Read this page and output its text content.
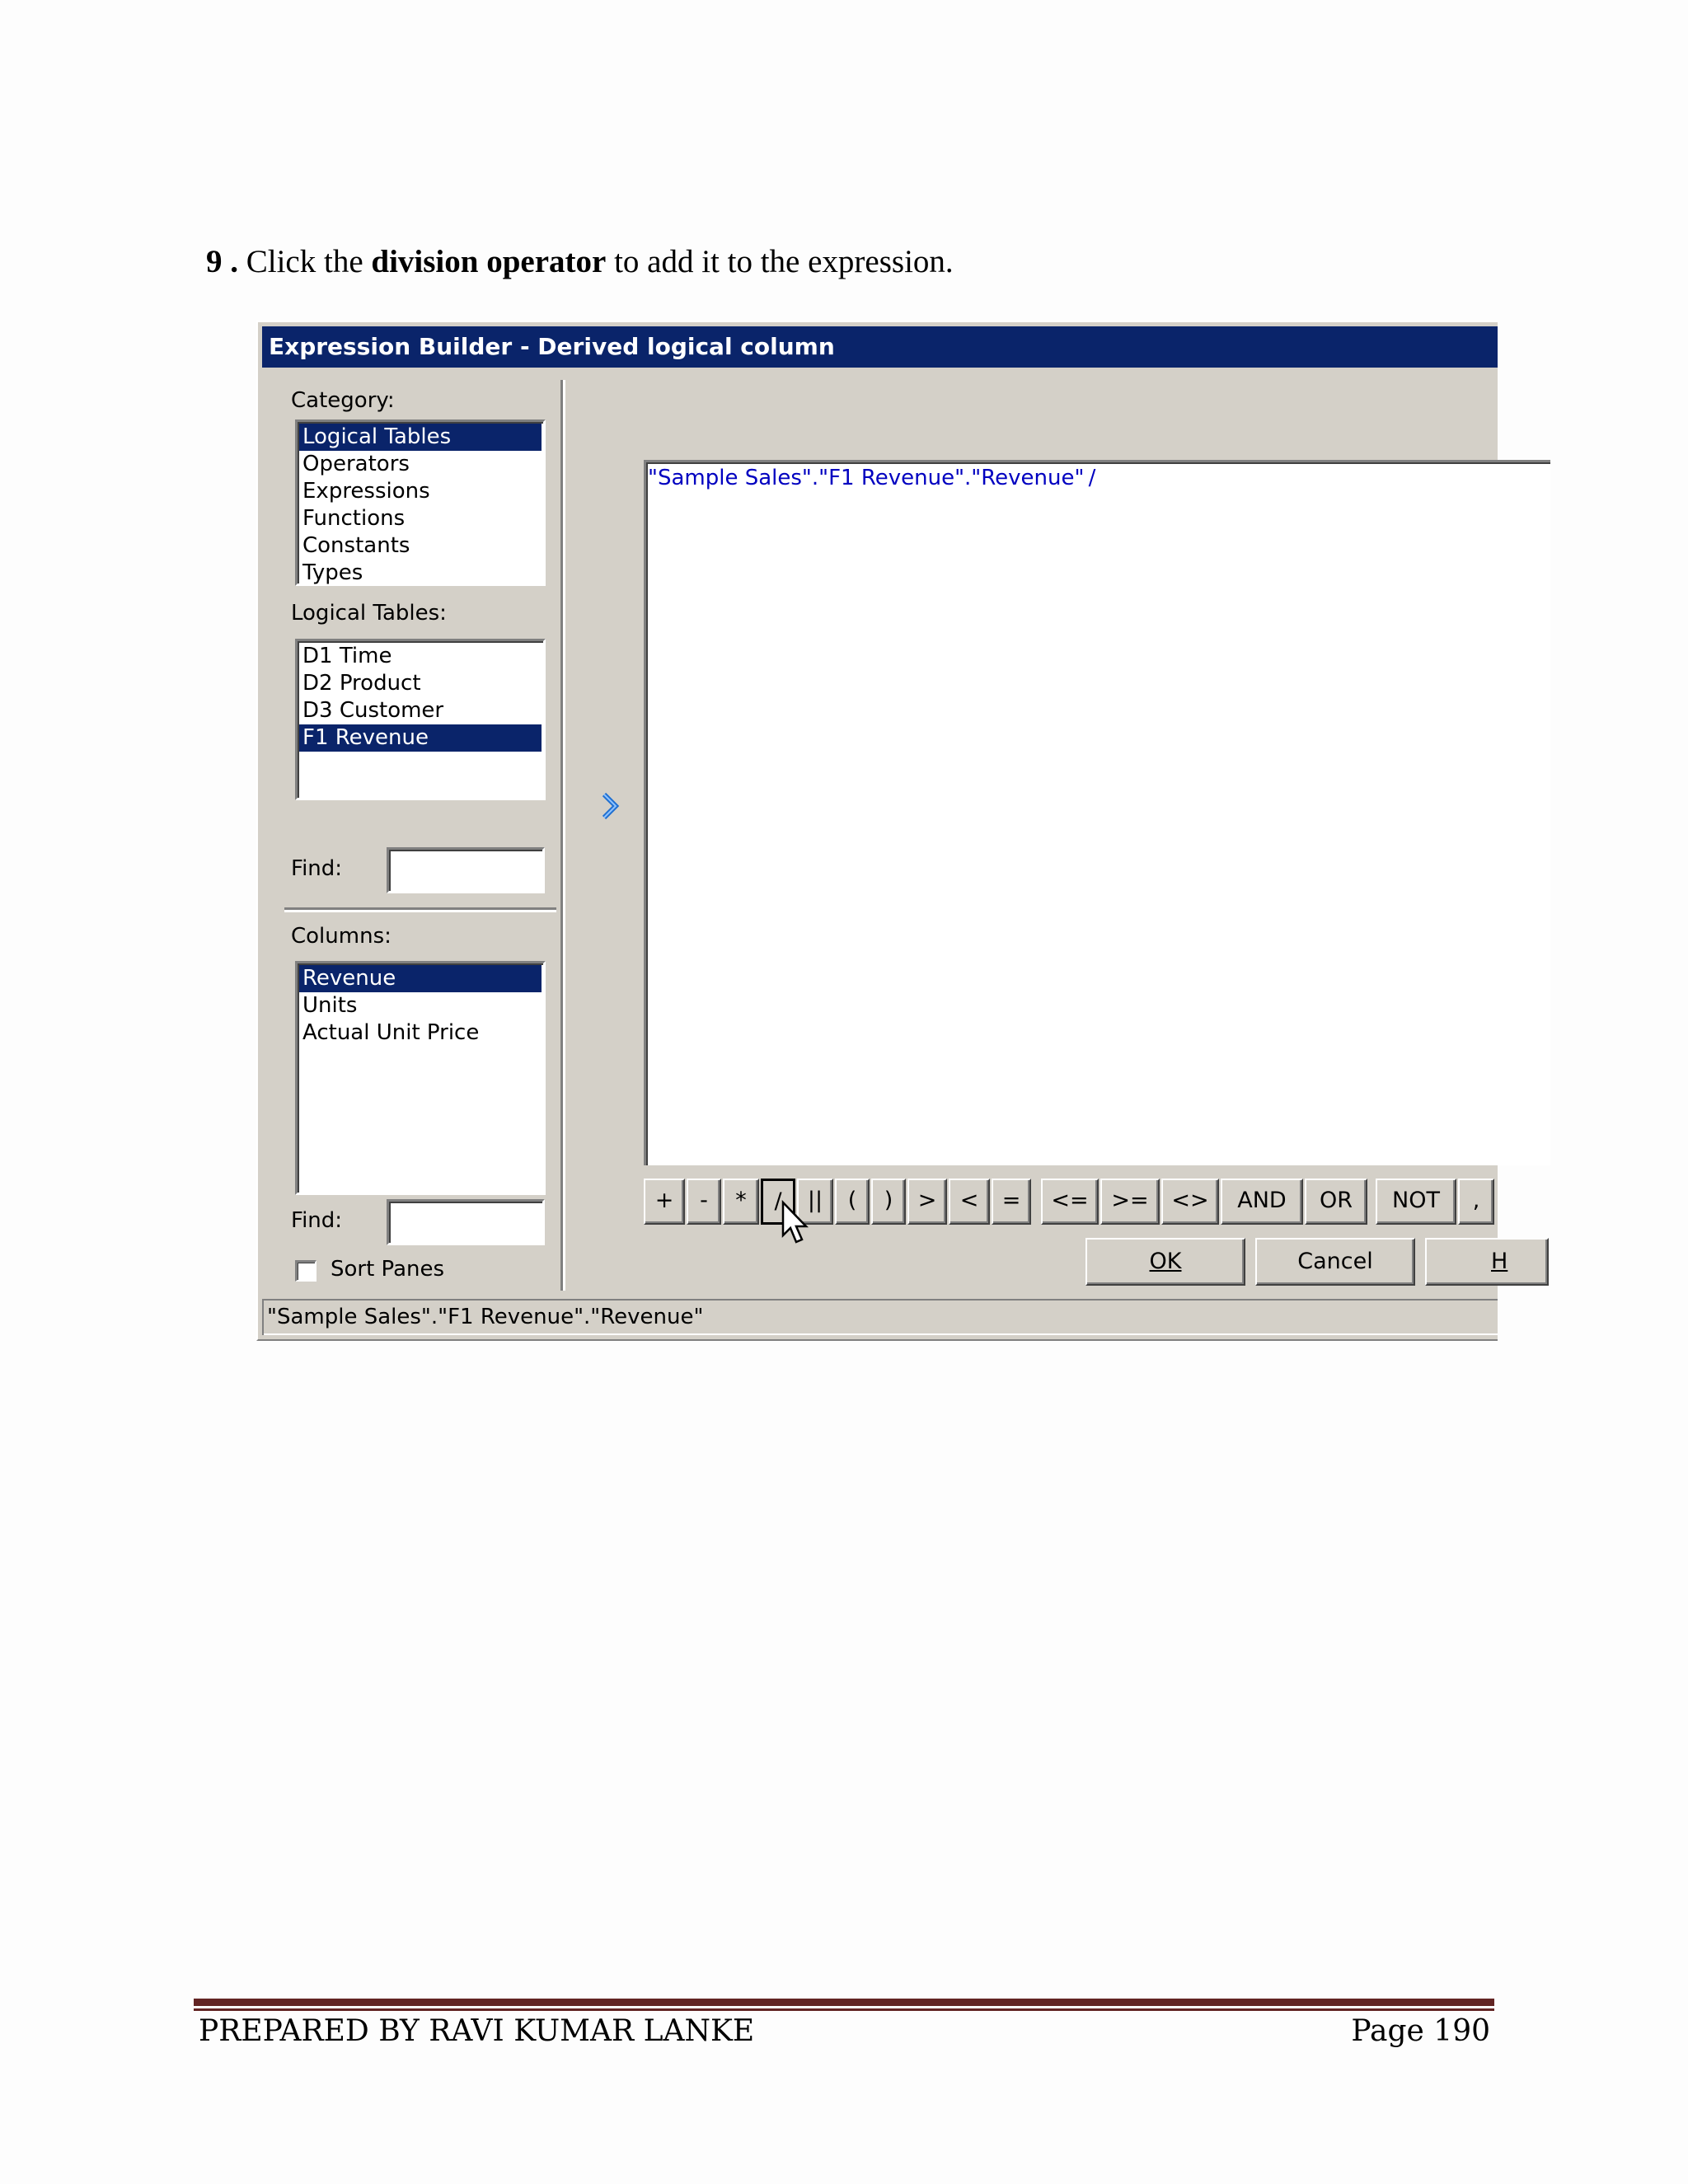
9 . Click the division operator to add it to the expression.
Expression Builder - Derived logical column
Category:
Logical Tables
Operators
Expressions
Functions
Constants
Types
Logical Tables:
D1 Time
D2 Product
D3 Customer
F1 Revenue
Find:
Columns:
Revenue
Units
Actual Unit Price
Find:
Sort Panes
"Sample Sales"."F1 Revenue"."Revenue" /
+	-	*	/	||	(	)	>	<	=	<=	>=	<>	AND	OR	NOT	,
OK	Cancel	H
"Sample Sales"."F1 Revenue"."Revenue"
PREPARED BY RAVI KUMAR LANKE	Page 190
